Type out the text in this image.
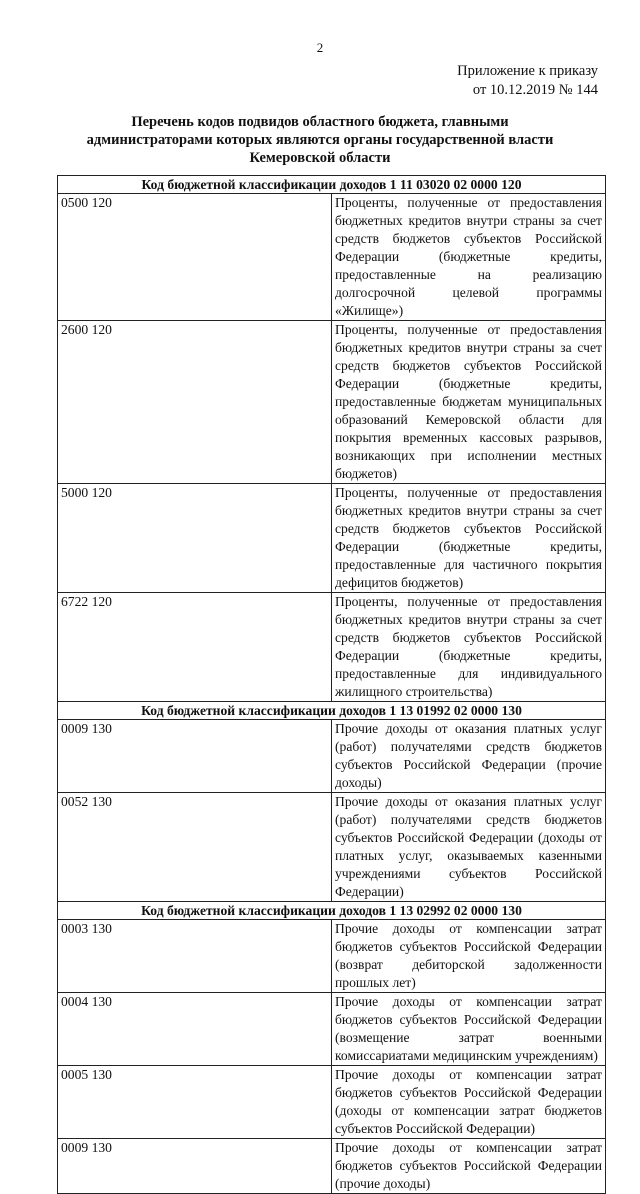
2
Приложение к приказу
от 10.12.2019 № 144
Перечень кодов подвидов областного бюджета, главными
администраторами которых являются органы государственной власти
Кемеровской области
Код бюджетной классификации доходов 1 11 03020 02 0000 120	
0500 120	Проценты, полученные от предоставления бюджетных кредитов внутри страны за счет средств бюджетов субъектов Российской Федерации (бюджетные кредиты, предоставленные на реализацию долгосрочной целевой программы «Жилище»)
2600 120	Проценты, полученные от предоставления бюджетных кредитов внутри страны за счет средств бюджетов субъектов Российской Федерации (бюджетные кредиты, предоставленные бюджетам муниципальных образований Кемеровской области для покрытия временных кассовых разрывов, возникающих при исполнении местных бюджетов)
5000 120	Проценты, полученные от предоставления бюджетных кредитов внутри страны за счет средств бюджетов субъектов Российской Федерации (бюджетные кредиты, предоставленные для частичного покрытия дефицитов бюджетов)
6722 120	Проценты, полученные от предоставления бюджетных кредитов внутри страны за счет средств бюджетов субъектов Российской Федерации (бюджетные кредиты, предоставленные для индивидуального жилищного строительства)
Код бюджетной классификации доходов 1 13 01992 02 0000 130	
0009 130	Прочие доходы от оказания платных услуг (работ) получателями средств бюджетов субъектов Российской Федерации (прочие доходы)
0052 130	Прочие доходы от оказания платных услуг (работ) получателями средств бюджетов субъектов Российской Федерации (доходы от платных услуг, оказываемых казенными учреждениями субъектов Российской Федерации)
Код бюджетной классификации доходов 1 13 02992 02 0000 130	
0003 130	Прочие доходы от компенсации затрат бюджетов субъектов Российской Федерации (возврат дебиторской задолженности прошлых лет)
0004 130	Прочие доходы от компенсации затрат бюджетов субъектов Российской Федерации (возмещение затрат военными комиссариатами медицинским учреждениям)
0005 130	Прочие доходы от компенсации затрат бюджетов субъектов Российской Федерации (доходы от компенсации затрат бюджетов субъектов Российской Федерации)
0009 130	Прочие доходы от компенсации затрат бюджетов субъектов Российской Федерации (прочие доходы)
